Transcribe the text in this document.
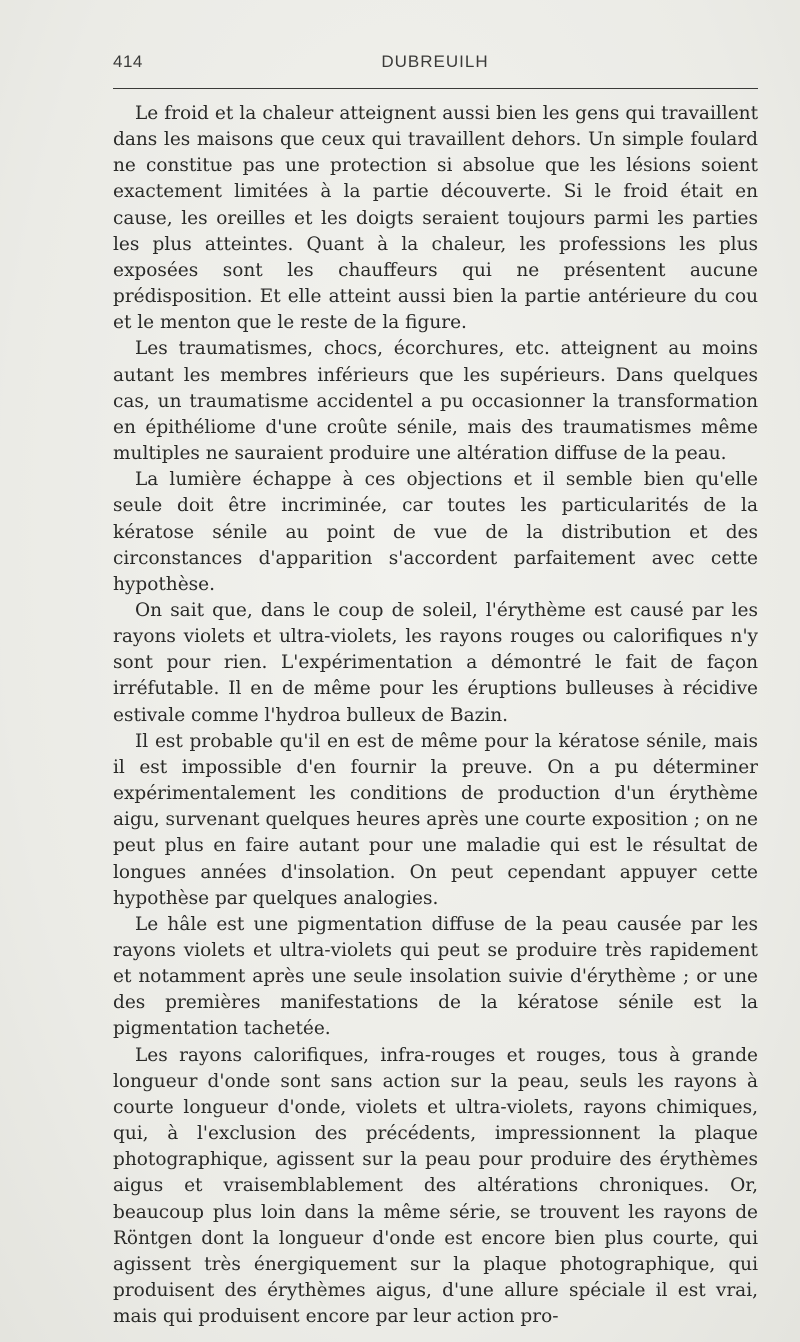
414	DUBREUILH

Le froid et la chaleur atteignent aussi bien les gens qui travaillent dans les maisons que ceux qui travaillent dehors. Un simple foulard ne constitue pas une protection si absolue que les lésions soient exactement limitées à la partie découverte. Si le froid était en cause, les oreilles et les doigts seraient toujours parmi les parties les plus atteintes. Quant à la chaleur, les professions les plus exposées sont les chauffeurs qui ne présentent aucune prédisposition. Et elle atteint aussi bien la partie antérieure du cou et le menton que le reste de la figure.

Les traumatismes, chocs, écorchures, etc. atteignent au moins autant les membres inférieurs que les supérieurs. Dans quelques cas, un traumatisme accidentel a pu occasionner la transformation en épithéliome d'une croûte sénile, mais des traumatismes même multiples ne sauraient produire une altération diffuse de la peau.

La lumière échappe à ces objections et il semble bien qu'elle seule doit être incriminée, car toutes les particularités de la kératose sénile au point de vue de la distribution et des circonstances d'apparition s'accordent parfaitement avec cette hypothèse.

On sait que, dans le coup de soleil, l'érythème est causé par les rayons violets et ultra-violets, les rayons rouges ou calorifiques n'y sont pour rien. L'expérimentation a démontré le fait de façon irréfutable. Il en de même pour les éruptions bulleuses à récidive estivale comme l'hydroa bulleux de Bazin.

Il est probable qu'il en est de même pour la kératose sénile, mais il est impossible d'en fournir la preuve. On a pu déterminer expérimentalement les conditions de production d'un érythème aigu, survenant quelques heures après une courte exposition ; on ne peut plus en faire autant pour une maladie qui est le résultat de longues années d'insolation. On peut cependant appuyer cette hypothèse par quelques analogies.

Le hâle est une pigmentation diffuse de la peau causée par les rayons violets et ultra-violets qui peut se produire très rapidement et notamment après une seule insolation suivie d'érythème ; or une des premières manifestations de la kératose sénile est la pigmentation tachetée.

Les rayons calorifiques, infra-rouges et rouges, tous à grande longueur d'onde sont sans action sur la peau, seuls les rayons à courte longueur d'onde, violets et ultra-violets, rayons chimiques, qui, à l'exclusion des précédents, impressionnent la plaque photographique, agissent sur la peau pour produire des érythèmes aigus et vraisemblablement des altérations chroniques. Or, beaucoup plus loin dans la même série, se trouvent les rayons de Röntgen dont la longueur d'onde est encore bien plus courte, qui agissent très énergiquement sur la plaque photographique, qui produisent des érythèmes aigus, d'une allure spéciale il est vrai, mais qui produisent encore par leur action pro-
